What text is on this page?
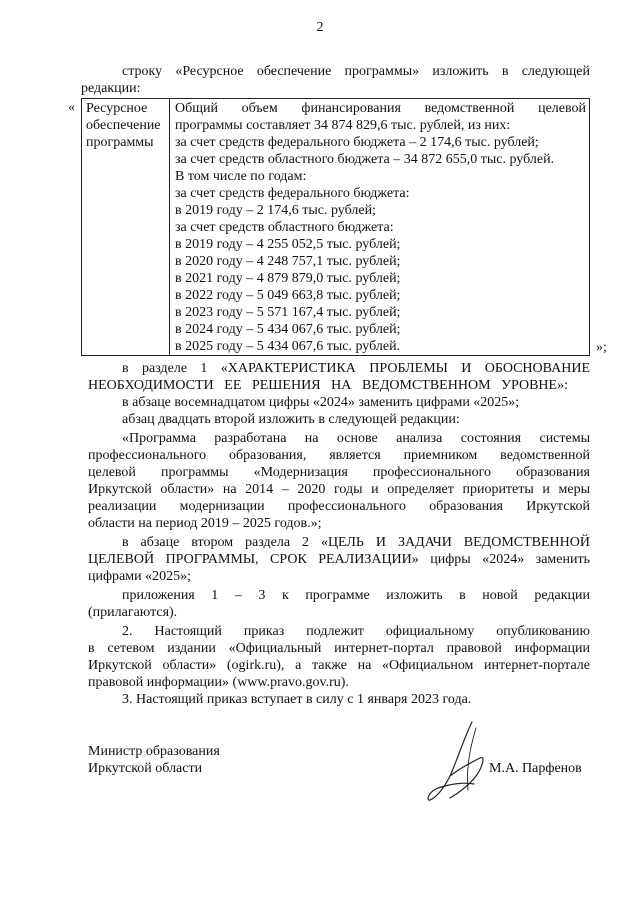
2
строку «Ресурсное обеспечение программы» изложить в следующей
редакции:
«
»;
Ресурсное
обеспечение
программы
Общий объем финансирования ведомственной целевой
программы составляет 34 874 829,6 тыс. рублей, из них:
за счет средств федерального бюджета – 2 174,6 тыс. рублей;
за счет средств областного бюджета – 34 872 655,0 тыс. рублей.
В том числе по годам:
за счет средств федерального бюджета:
в 2019 году – 2 174,6 тыс. рублей;
за счет средств областного бюджета:
в 2019 году – 4 255 052,5 тыс. рублей;
в 2020 году – 4 248 757,1 тыс. рублей;
в 2021 году – 4 879 879,0 тыс. рублей;
в 2022 году – 5 049 663,8 тыс. рублей;
в 2023 году – 5 571 167,4 тыс. рублей;
в 2024 году – 5 434 067,6 тыс. рублей;
в 2025 году – 5 434 067,6 тыс. рублей.
в разделе 1 «ХАРАКТЕРИСТИКА ПРОБЛЕМЫ И ОБОСНОВАНИЕ
НЕОБХОДИМОСТИ ЕЕ РЕШЕНИЯ НА ВЕДОМСТВЕННОМ УРОВНЕ»:
в абзаце восемнадцатом цифры «2024» заменить цифрами «2025»;
абзац двадцать второй изложить в следующей редакции:
«Программа разработана на основе анализа состояния системы
профессионального образования, является приемником ведомственной
целевой программы «Модернизация профессионального образования
Иркутской области» на 2014 – 2020 годы и определяет приоритеты и меры
реализации модернизации профессионального образования Иркутской
области на период 2019 – 2025 годов.»;
в абзаце втором раздела 2 «ЦЕЛЬ И ЗАДАЧИ ВЕДОМСТВЕННОЙ
ЦЕЛЕВОЙ ПРОГРАММЫ, СРОК РЕАЛИЗАЦИИ» цифры «2024» заменить
цифрами «2025»;
приложения 1 – 3 к программе изложить в новой редакции
(прилагаются).
2. Настоящий приказ подлежит официальному опубликованию
в сетевом издании «Официальный интернет-портал правовой информации
Иркутской области» (ogirk.ru), а также на «Официальном интернет-портале
правовой информации» (www.pravo.gov.ru).
3. Настоящий приказ вступает в силу с 1 января 2023 года.
Министр образования
Иркутской области	М.А. Парфенов
